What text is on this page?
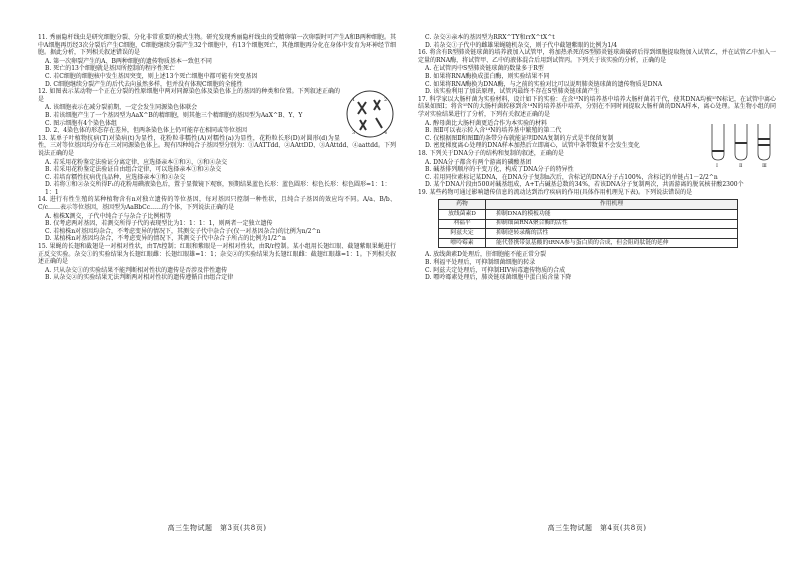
11. 秀丽隐杆线虫是研究细胞分裂、分化非常重要的模式生物。研究发现秀丽隐杆线虫的受精卵第一次卵裂时可产生A和B两种细胞。其中A细胞再历经3次分裂后产生C细胞，C细胞继续分裂产生32个细胞中，有13个细胞死亡，其他细胞再分化在身体中发育为环神经节细胞。据此分析，下列相关叙述错误的是

A. 第一次卵裂产生的A、B两种细胞的遗传物质基本一致但不同

B. 死亡的13个细胞就是基因所控制的程序性死亡

C. 若C细胞的细胞核中发生基因突变，则上述13个死亡细胞中都可能有突变基因

D. C细胞继续分裂产生的后代去向虽然多样，但并没有体现C细胞的全能性

1	2
3	4

12. 如图表示某动物一个正在分裂的性原细胞中两对同源染色体及染色体上的基因的种类和位置。下列叙述正确的是

A. 该细胞表示在减分裂前期，一定会发生同源染色体联会

B. 若该细胞产生了一个基因型为AaX^B的精细胞，则其他三个精细胞的基因型为AaX^B、Y、Y

C. 图示细胞有4个染色体组

D. 2、4染色体的形态存在差异，但两条染色体上仍可能存在相同或等位基因

13. 某单子叶植物抗病(T)对染病(t)为显性，花粉粒非糯性(A)对糯性(a)为显性，花粉粒长形(D)对圆形(d)为显性，三对等位基因均分布在三对同源染色体上。现有四种纯合子基因型分别为：①AATTdd、②AAttDD、③AAttdd、④aattdd。下列说法正确的是

A. 若采用花粉鉴定法验证分离定律，应选择亲本①和②，③和④杂交

B. 若采用花粉鉴定法验证自由组合定律，可以选择亲本①和②杂交

C. 若培育糯性抗病优良品种，应选择亲本①和④杂交

D. 若将①和②杂交所得F₁的花粉用碘液染色后，置于显微镜下观察，预期结果蓝色长形：蓝色圆形：棕色长形：棕色圆形=1：1：1：1

14. 进行有性生殖的某种植物含有n对独立遗传的等位基因，每对基因只控制一种性状，且纯合子基因的效应均不同。A/a、B/b、C/c……表示等位基因，基因型为AaBbCc……的个体，下列说法正确的是

A. 植株X测交，子代中纯合子与杂合子比例相等

B. 仅考虑两对基因，若测交所得子代的表现型比为1：1：1：1，则两者一定独立遗传

C. 若植株n对基因均杂合，不考虑变异的情况下，其测交子代中杂合子(仅一对基因杂合)的比例为n/2^n

D. 某植株n对基因均杂合，不考虑变异的情况下，其测交子代中杂合子所占的比例为1/2^n

15. 果蝇的长翅和截翅是一对相对性状，由T/t控制；红眼和紫眼是一对相对性状，由R/r控制。某小组用长翅红眼、截翅紫眼果蝇进行正反交实验。杂交①的实验结果为长翅红眼雌：长翅红眼雄=1：1；杂交②的实验结果为长翅红眼雌：截翅红眼雄=1：1。下列相关叙述正确的是

A. 只从杂交①的实验结果不能判断相对性状的遗传是否涉及伴性遗传

B. 从杂交②的实验结果无法判断两对相对性状的遗传遵循自由组合定律

高三生物试题　第3页(共8页)

C. 杂交②亲本的基因型为RRX^TY和rrX^tX^t

D. 若杂交①子代中的雌雄果蝇随机杂交，则子代中截翅紫眼的比例为1/4

16. 将含有R型肺炎链球菌的培养液加入试管甲，将加热杀死的S型肺炎链球菌破碎后得到细胞提取物加入试管乙，并在试管乙中加入一定量的RNA酶，将试管甲、乙中的液体混合后用到试管丙。下列关于该实验的分析，正确的是

A. 在试管丙中S型肺炎链球菌的数量多于R型

B. 如果将RNA酶换成蛋白酶，则实验结果不同

C. 如果将RNA酶换为DNA酶，与之前的实验对比可以说明肺炎链球菌的遗传物质是DNA

D. 该实验利用了加法原理，试管丙最终不存在S型肺炎链球菌产生

17. 科学家以大肠杆菌为实验材料，设计如下的实验：在含¹⁵N的培养基中培养大肠杆菌若干代，使其DNA均被¹⁵N标记，在试管中离心结果如图Ⅰ；将含¹⁵N的大肠杆菌转移到含¹⁴N的培养基中培养，分别在不同时间提取大肠杆菌的DNA样本，离心处理。某生物小组的同学对实验结果进行了分析，下列有关叙述正确的是

Ⅰ	Ⅱ	Ⅲ

A. 醇母菌比大肠杆菌更适合作为本实验的材料

B. 图Ⅱ可以表示转入含¹⁴N的培养基中繁殖的第二代

C. 仅根据图Ⅱ和图Ⅲ的条带分布就能证明DNA复制的方式是半保留复制

D. 密度梯度离心处理的DNA样本加热后立即离心，试管中条带数量不会发生变化

18. 下列关于DNA分子的结构和复制的叙述，正确的是

A. DNA分子都含有两个游离的磷酸基团

B. 碱基排列顺序的千变万化，构成了DNA分子的特异性

C. 若用同位素标记某DNA，在DNA分子复制n次后，含标记的DNA分子占100%，含标记的单链占1－2/2^n

D. 某个DNA片段由500对碱基组成，A+T占碱基总数的34%，若该DNA分子复制两次，共需游离的脱氧核苷酸2300个

19. 某些药物可通过影响遗传信息的流动达到治疗疾病的作用(具体作用机理见下表)。下列说法错误的是

药物	作用机理
放线菌素D	抑制DNA的模板功能
利福平	抑制细菌RNA聚合酶的活性
阿兹夫定	抑制逆转录酶的活性
嘌呤霉素	能代替携带氨基酸的tRNA参与蛋白质的合成，但会阻碍肽链的延伸

A. 放线菌素D处理后，肝细胞能不能正常分裂

B. 利福平处理后，可抑制细菌细胞的转录

C. 阿兹夫定处理后，可抑制HIV病毒遗传物质的合成

D. 嘌呤霉素处理后，肺炎链球菌细胞中蛋白质含量下降

高三生物试题　第4页(共8页)
